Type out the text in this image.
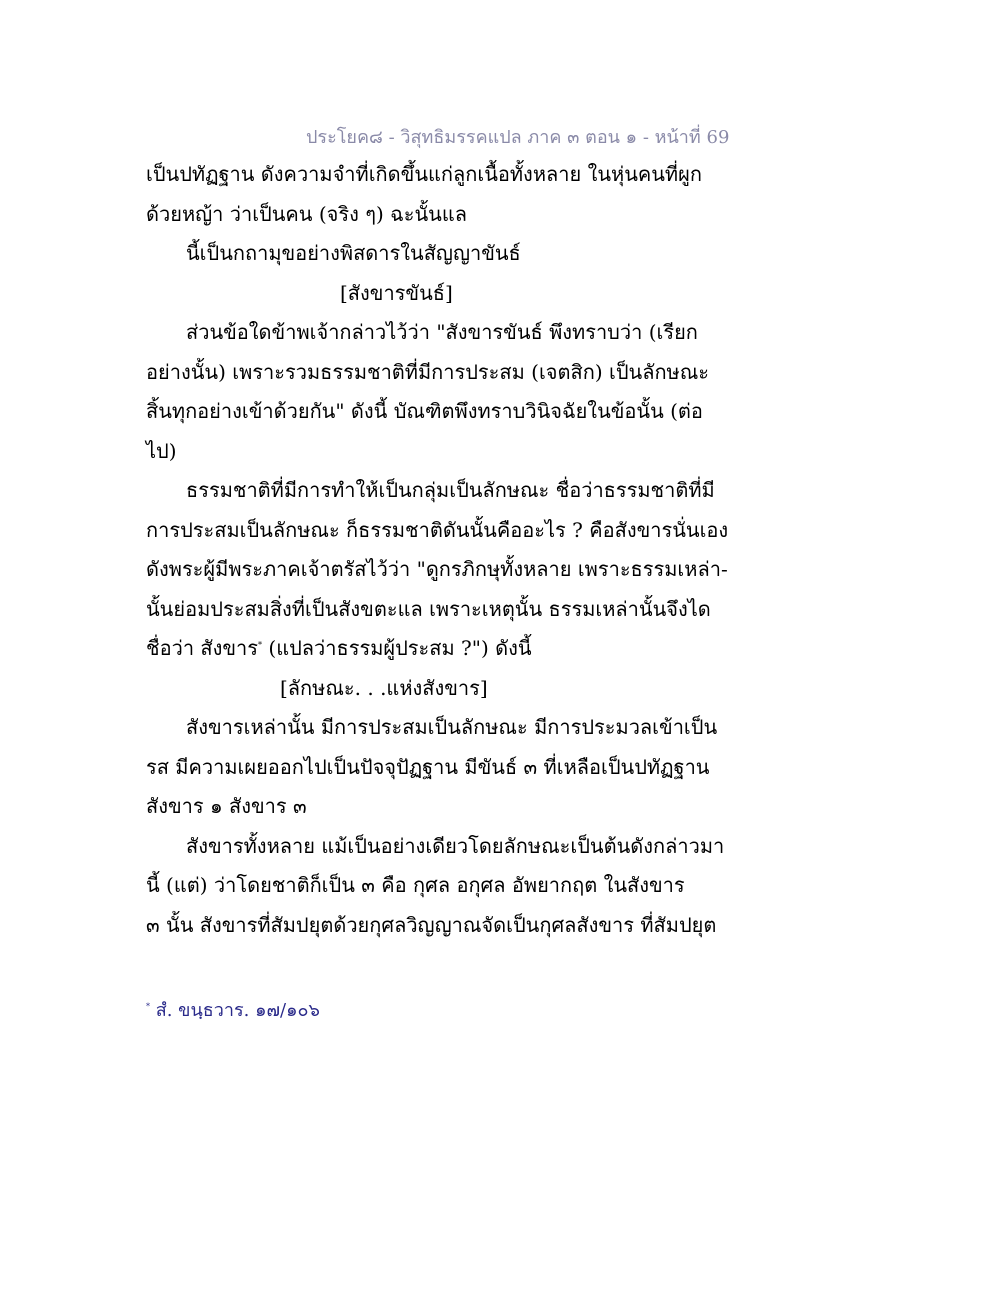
ประโยค๘ - วิสุทธิมรรคแปล ภาค ๓ ตอน ๑ - หน้าที่ 69
เป็นปทัฏฐาน ดังความจำที่เกิดขึ้นแก่ลูกเนื้อทั้งหลาย ในหุ่นคนที่ผูก
ด้วยหญ้า ว่าเป็นคน (จริง ๆ) ฉะนั้นแล
นี้เป็นกถามุขอย่างพิสดารในสัญญาขันธ์
[สังขารขันธ์]
ส่วนข้อใดข้าพเจ้ากล่าวไว้ว่า "สังขารขันธ์ พึงทราบว่า (เรียก
อย่างนั้น) เพราะรวมธรรมชาติที่มีการประสม (เจตสิก) เป็นลักษณะ
สิ้นทุกอย่างเข้าด้วยกัน" ดังนี้ บัณฑิตพึงทราบวินิจฉัยในข้อนั้น (ต่อ
ไป)
ธรรมชาติที่มีการทำให้เป็นกลุ่มเป็นลักษณะ ชื่อว่าธรรมชาติที่มี
การประสมเป็นลักษณะ ก็ธรรมชาติดันนั้นคืออะไร ? คือสังขารนั่นเอง
ดังพระผู้มีพระภาคเจ้าตรัสไว้ว่า "ดูกรภิกษุทั้งหลาย เพราะธรรมเหล่า-
นั้นย่อมประสมสิ่งที่เป็นสังขตะแล เพราะเหตุนั้น ธรรมเหล่านั้นจึงได
ชื่อว่า สังขาร* (แปลว่าธรรมผู้ประสม ?") ดังนี้
[ลักษณะ. . .แห่งสังขาร]
สังขารเหล่านั้น มีการประสมเป็นลักษณะ มีการประมวลเข้าเป็น
รส มีความเผยออกไปเป็นปัจจุปัฏฐาน มีขันธ์ ๓ ที่เหลือเป็นปทัฏฐาน
สังขาร ๑ สังขาร ๓
สังขารทั้งหลาย แม้เป็นอย่างเดียวโดยลักษณะเป็นต้นดังกล่าวมา
นี้ (แต่) ว่าโดยชาติก็เป็น ๓ คือ กุศล อกุศล อัพยากฤต ในสังขาร
๓ นั้น สังขารที่สัมปยุตด้วยกุศลวิญญาณจัดเป็นกุศลสังขาร ที่สัมปยุต
* สํ. ขนฺธวาร. ๑๗/๑๐๖
